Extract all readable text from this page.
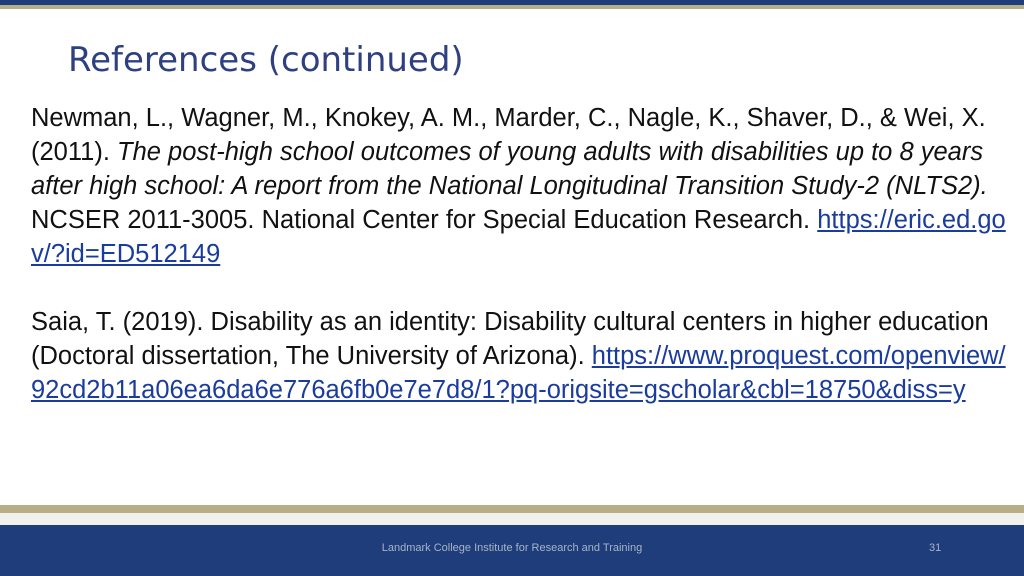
References (continued)

Newman, L., Wagner, M., Knokey, A. M., Marder, C., Nagle, K., Shaver, D., & Wei, X. (2011). The post-high school outcomes of young adults with disabilities up to 8 years after high school: A report from the National Longitudinal Transition Study-2 (NLTS2). NCSER 2011-3005. National Center for Special Education Research. https://eric.ed.gov/?id=ED512149

Saia, T. (2019). Disability as an identity: Disability cultural centers in higher education (Doctoral dissertation, The University of Arizona). https://www.proquest.com/openview/92cd2b11a06ea6da6e776a6fb0e7e7d8/1?pq-origsite=gscholar&cbl=18750&diss=y

Landmark College Institute for Research and Training	31
